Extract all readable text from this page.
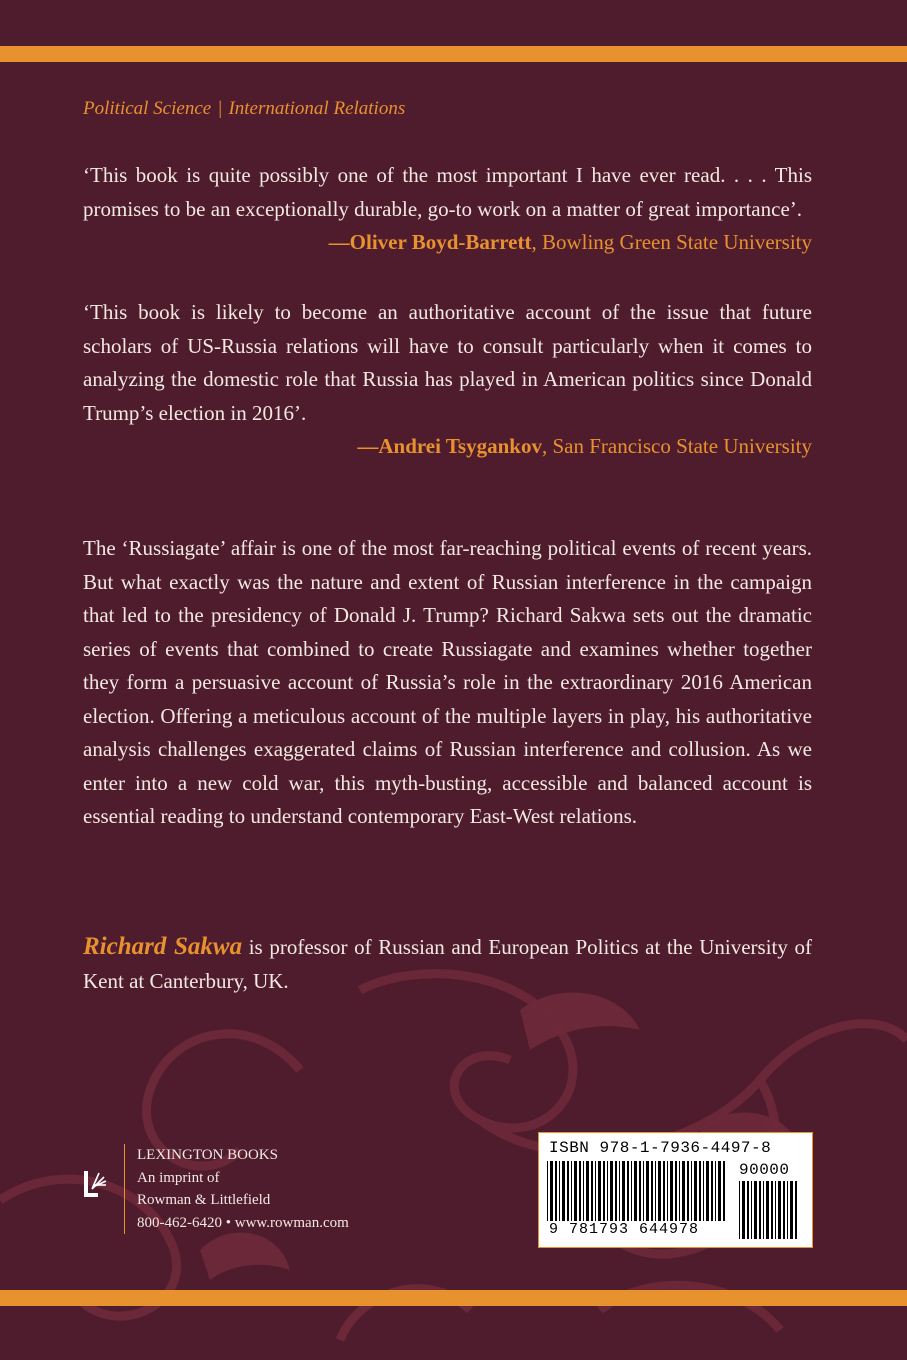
Political Science | International Relations
‘This book is quite possibly one of the most important I have ever read. . . . This promises to be an exceptionally durable, go-to work on a matter of great importance’.
—Oliver Boyd-Barrett, Bowling Green State University
‘This book is likely to become an authoritative account of the issue that future scholars of US-Russia relations will have to consult particularly when it comes to analyzing the domestic role that Russia has played in American politics since Donald Trump’s election in 2016’.
—Andrei Tsygankov, San Francisco State University

The ‘Russiagate’ affair is one of the most far-reaching political events of recent years. But what exactly was the nature and extent of Russian interference in the campaign that led to the presidency of Donald J. Trump? Richard Sakwa sets out the dramatic series of events that combined to create Russiagate and examines whether together they form a persuasive account of Russia’s role in the extraordinary 2016 American election. Offering a meticulous account of the multiple layers in play, his authoritative analysis challenges exaggerated claims of Russian interference and collusion. As we enter into a new cold war, this myth-busting, accessible and balanced account is essential reading to understand contemporary East-West relations.

Richard Sakwa is professor of Russian and European Politics at the University of Kent at Canterbury, UK.

LEXINGTON BOOKS
An imprint of
Rowman & Littlefield
800-462-6420 • www.rowman.com
ISBN 978-1-7936-4497-8
90000
9 781793 644978
